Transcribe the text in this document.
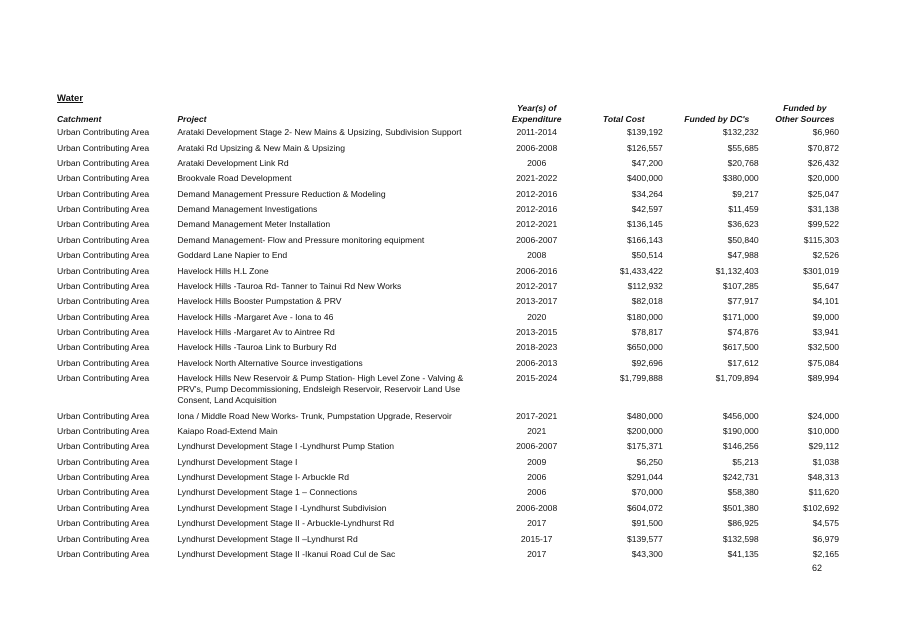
Water
Catchment	Project	Year(s) of Expenditure	Total Cost	Funded by DC's	Funded by Other Sources
Urban Contributing Area	Arataki Development Stage 2- New Mains & Upsizing, Subdivision Support	2011-2014	$139,192	$132,232	$6,960
Urban Contributing Area	Arataki Rd Upsizing & New Main & Upsizing	2006-2008	$126,557	$55,685	$70,872
Urban Contributing Area	Arataki Development Link Rd	2006	$47,200	$20,768	$26,432
Urban Contributing Area	Brookvale Road Development	2021-2022	$400,000	$380,000	$20,000
Urban Contributing Area	Demand Management Pressure Reduction & Modeling	2012-2016	$34,264	$9,217	$25,047
Urban Contributing Area	Demand Management Investigations	2012-2016	$42,597	$11,459	$31,138
Urban Contributing Area	Demand Management Meter Installation	2012-2021	$136,145	$36,623	$99,522
Urban Contributing Area	Demand Management- Flow and Pressure monitoring equipment	2006-2007	$166,143	$50,840	$115,303
Urban Contributing Area	Goddard Lane Napier to End	2008	$50,514	$47,988	$2,526
Urban Contributing Area	Havelock Hills H.L Zone	2006-2016	$1,433,422	$1,132,403	$301,019
Urban Contributing Area	Havelock Hills -Tauroa Rd- Tanner to Tainui Rd New Works	2012-2017	$112,932	$107,285	$5,647
Urban Contributing Area	Havelock Hills Booster Pumpstation & PRV	2013-2017	$82,018	$77,917	$4,101
Urban Contributing Area	Havelock Hills -Margaret Ave - Iona to 46	2020	$180,000	$171,000	$9,000
Urban Contributing Area	Havelock Hills -Margaret Av to Aintree Rd	2013-2015	$78,817	$74,876	$3,941
Urban Contributing Area	Havelock Hills -Tauroa Link to Burbury Rd	2018-2023	$650,000	$617,500	$32,500
Urban Contributing Area	Havelock North Alternative Source investigations	2006-2013	$92,696	$17,612	$75,084
Urban Contributing Area	Havelock Hills New Reservoir & Pump Station- High Level Zone - Valving & PRV's, Pump Decommissioning, Endsleigh Reservoir, Reservoir Land Use Consent, Land Acquisition	2015-2024	$1,799,888	$1,709,894	$89,994
Urban Contributing Area	Iona / Middle Road New Works- Trunk, Pumpstation Upgrade, Reservoir	2017-2021	$480,000	$456,000	$24,000
Urban Contributing Area	Kaiapo Road-Extend Main	2021	$200,000	$190,000	$10,000
Urban Contributing Area	Lyndhurst Development Stage I -Lyndhurst Pump Station	2006-2007	$175,371	$146,256	$29,112
Urban Contributing Area	Lyndhurst Development Stage I	2009	$6,250	$5,213	$1,038
Urban Contributing Area	Lyndhurst Development Stage I- Arbuckle Rd	2006	$291,044	$242,731	$48,313
Urban Contributing Area	Lyndhurst Development Stage 1 – Connections	2006	$70,000	$58,380	$11,620
Urban Contributing Area	Lyndhurst Development Stage I -Lyndhurst Subdivision	2006-2008	$604,072	$501,380	$102,692
Urban Contributing Area	Lyndhurst Development Stage II - Arbuckle-Lyndhurst Rd	2017	$91,500	$86,925	$4,575
Urban Contributing Area	Lyndhurst Development Stage II –Lyndhurst Rd	2015-17	$139,577	$132,598	$6,979
Urban Contributing Area	Lyndhurst Development Stage II -Ikanui Road Cul de Sac	2017	$43,300	$41,135	$2,165
62
